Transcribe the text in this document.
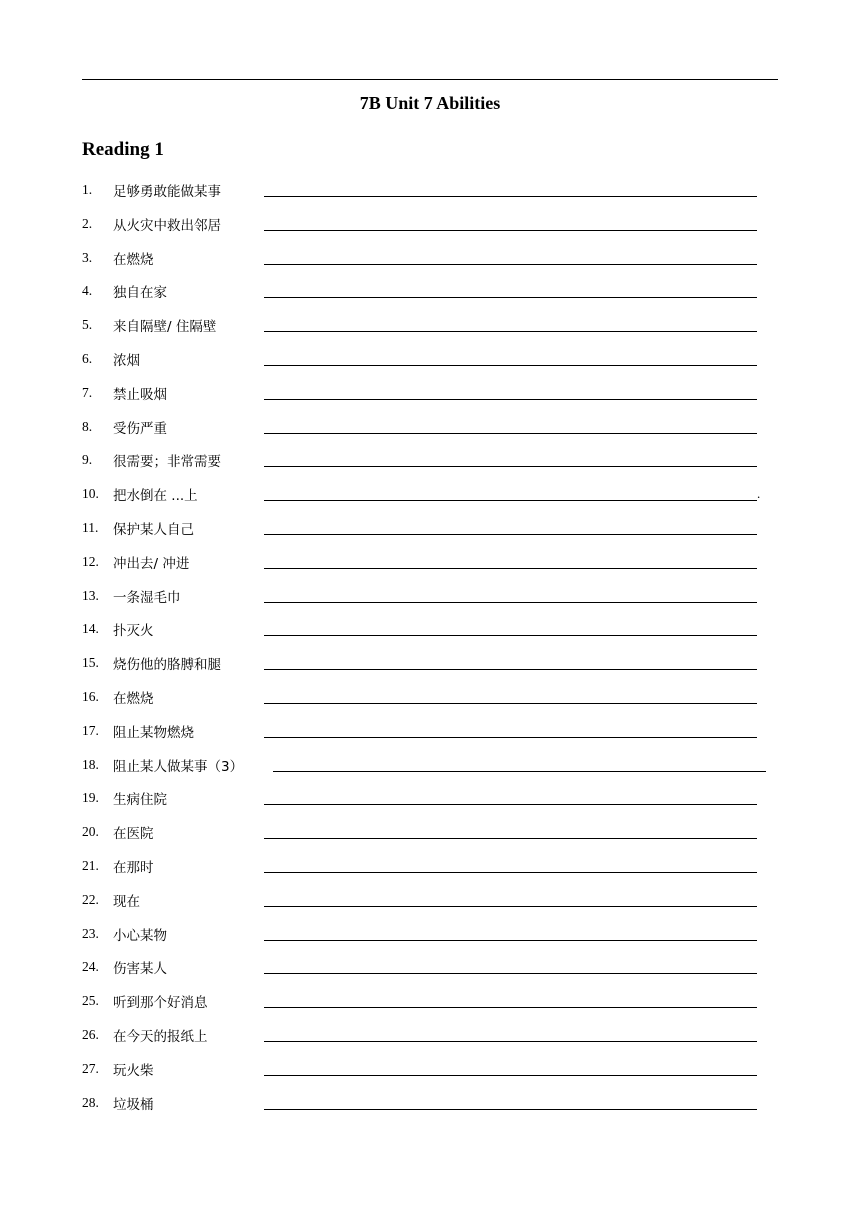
7B Unit 7 Abilities
Reading 1
1. 足够勇敢能做某事
2. 从火灾中救出邻居
3. 在燃烧
4. 独自在家
5. 来自隔壁/ 住隔壁
6. 浓烟
7. 禁止吸烟
8. 受伤严重
9. 很需要；非常需要
10. 把水倒在 ...上	.
11. 保护某人自己
12. 冲出去/ 冲进
13. 一条湿毛巾
14. 扑灭火
15. 烧伤他的胳膊和腿
16. 在燃烧
17. 阻止某物燃烧
18. 阻止某人做某事（3）
19. 生病住院
20. 在医院
21. 在那时
22. 现在
23. 小心某物
24. 伤害某人
25. 听到那个好消息
26. 在今天的报纸上
27. 玩火柴
28. 垃圾桶
